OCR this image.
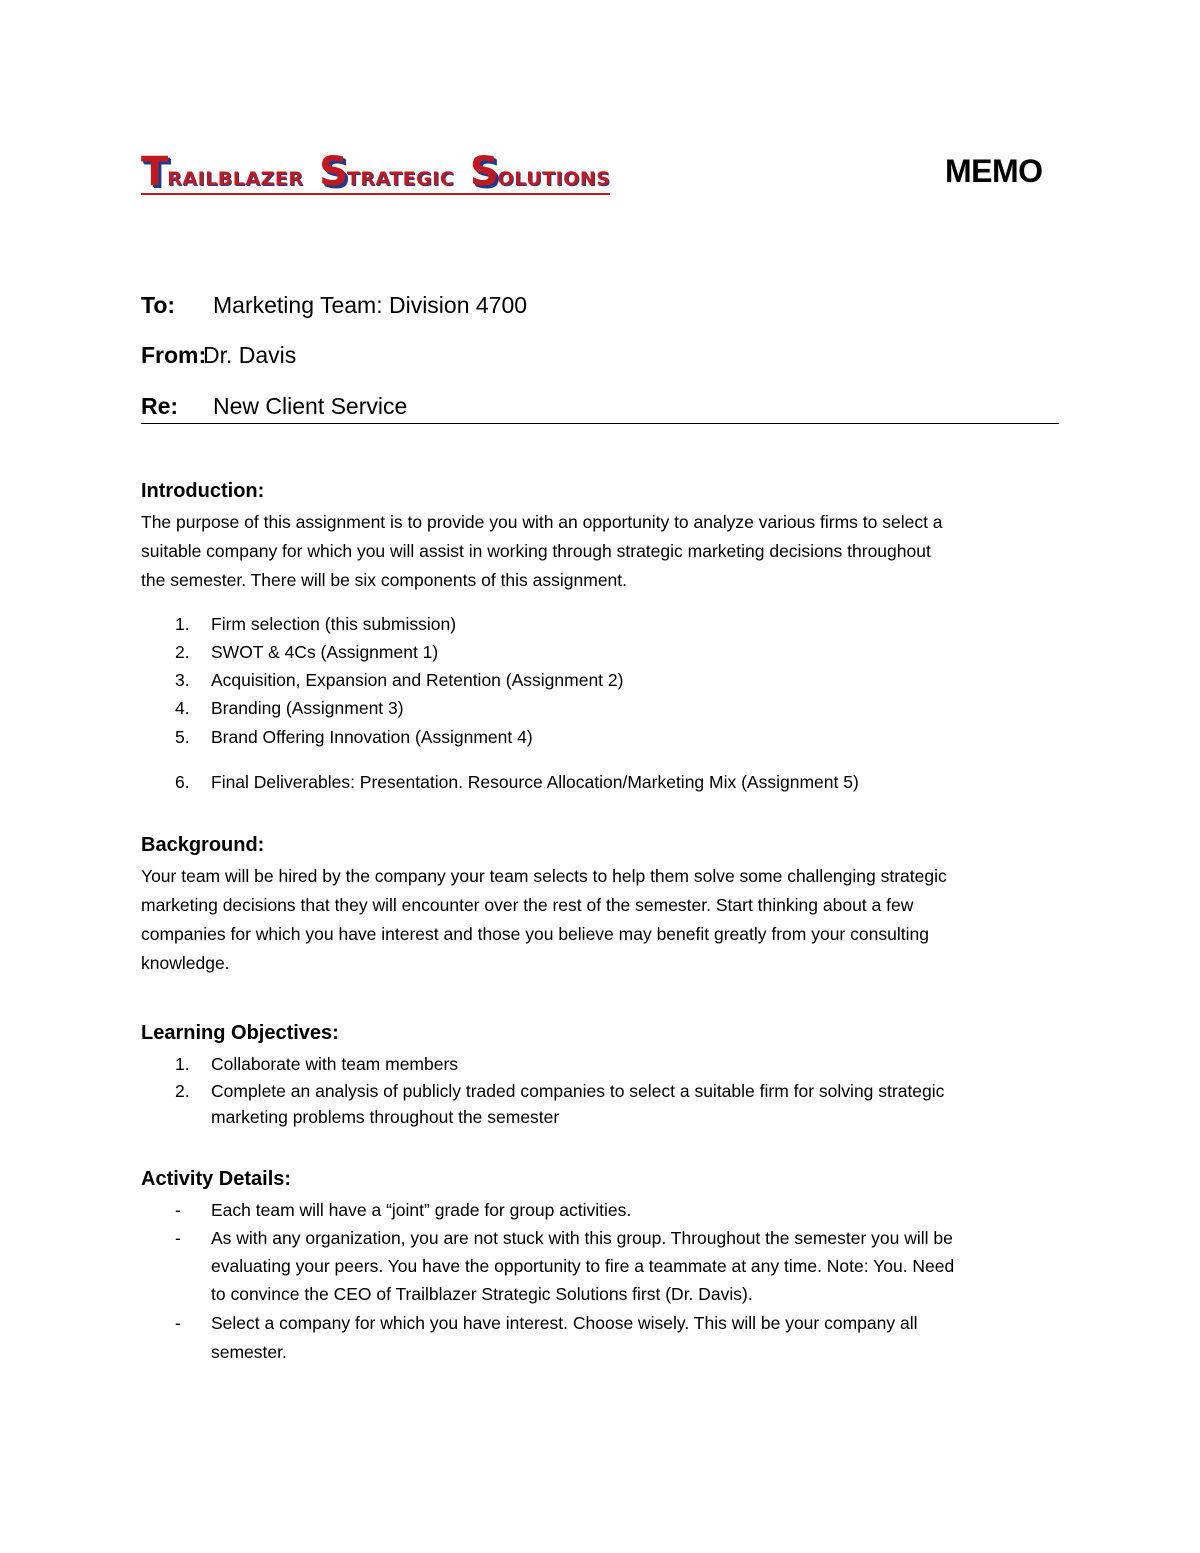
TRAILBLAZER STRATEGIC SOLUTIONS	MEMO
To: Marketing Team: Division 4700
From:
Dr. Davis
Re: New Client Service
Introduction:
The purpose of this assignment is to provide you with an opportunity to analyze various firms to select a
suitable company for which you will assist in working through strategic marketing decisions throughout
the semester. There will be six components of this assignment.
1. Firm selection (this submission)
2. SWOT & 4Cs (Assignment 1)
3. Acquisition, Expansion and Retention (Assignment 2)
4. Branding (Assignment 3)
5. Brand Offering Innovation (Assignment 4)
6. Final Deliverables: Presentation. Resource Allocation/Marketing Mix (Assignment 5)
Background:
Your team will be hired by the company your team selects to help them solve some challenging strategic
marketing decisions that they will encounter over the rest of the semester. Start thinking about a few
companies for which you have interest and those you believe may benefit greatly from your consulting
knowledge.
Learning Objectives:
1. Collaborate with team members
2. Complete an analysis of publicly traded companies to select a suitable firm for solving strategic
marketing problems throughout the semester
Activity Details:
- Each team will have a “joint” grade for group activities.
- As with any organization, you are not stuck with this group. Throughout the semester you will be
evaluating your peers. You have the opportunity to fire a teammate at any time. Note: You. Need
to convince the CEO of Trailblazer Strategic Solutions first (Dr. Davis).
- Select a company for which you have interest. Choose wisely. This will be your company all
semester.
